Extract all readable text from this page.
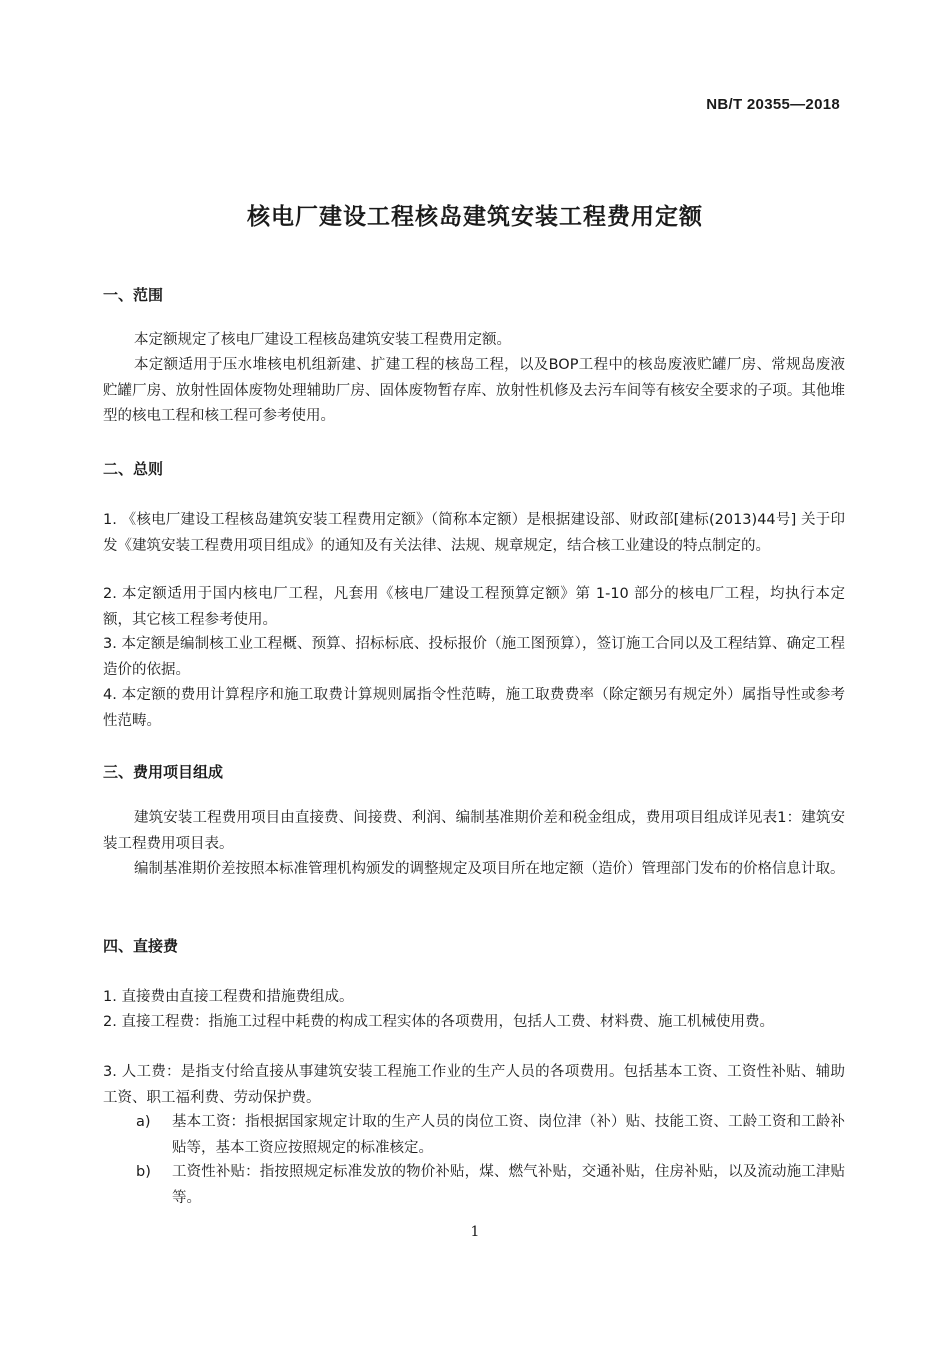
NB/T 20355—2018
核电厂建设工程核岛建筑安装工程费用定额
一、范围
本定额规定了核电厂建设工程核岛建筑安装工程费用定额。
本定额适用于压水堆核电机组新建、扩建工程的核岛工程，以及BOP工程中的核岛废液贮罐厂房、常规岛废液贮罐厂房、放射性固体废物处理辅助厂房、固体废物暂存库、放射性机修及去污车间等有核安全要求的子项。其他堆型的核电工程和核工程可参考使用。
二、总则
1. 《核电厂建设工程核岛建筑安装工程费用定额》（简称本定额）是根据建设部、财政部[建标(2013)44号] 关于印发《建筑安装工程费用项目组成》的通知及有关法律、法规、规章规定，结合核工业建设的特点制定的。
2. 本定额适用于国内核电厂工程，凡套用《核电厂建设工程预算定额》第 1-10 部分的核电厂工程，均执行本定额，其它核工程参考使用。
3. 本定额是编制核工业工程概、预算、招标标底、投标报价（施工图预算），签订施工合同以及工程结算、确定工程造价的依据。
4. 本定额的费用计算程序和施工取费计算规则属指令性范畴，施工取费费率（除定额另有规定外）属指导性或参考性范畴。
三、费用项目组成
建筑安装工程费用项目由直接费、间接费、利润、编制基准期价差和税金组成，费用项目组成详见表1：建筑安装工程费用项目表。
编制基准期价差按照本标准管理机构颁发的调整规定及项目所在地定额（造价）管理部门发布的价格信息计取。
四、直接费
1. 直接费由直接工程费和措施费组成。
2. 直接工程费：指施工过程中耗费的构成工程实体的各项费用，包括人工费、材料费、施工机械使用费。
3. 人工费：是指支付给直接从事建筑安装工程施工作业的生产人员的各项费用。包括基本工资、工资性补贴、辅助工资、职工福利费、劳动保护费。
a) 基本工资：指根据国家规定计取的生产人员的岗位工资、岗位津（补）贴、技能工资、工龄工资和工龄补贴等，基本工资应按照规定的标准核定。
b) 工资性补贴：指按照规定标准发放的物价补贴，煤、燃气补贴，交通补贴，住房补贴，以及流动施工津贴等。
1
